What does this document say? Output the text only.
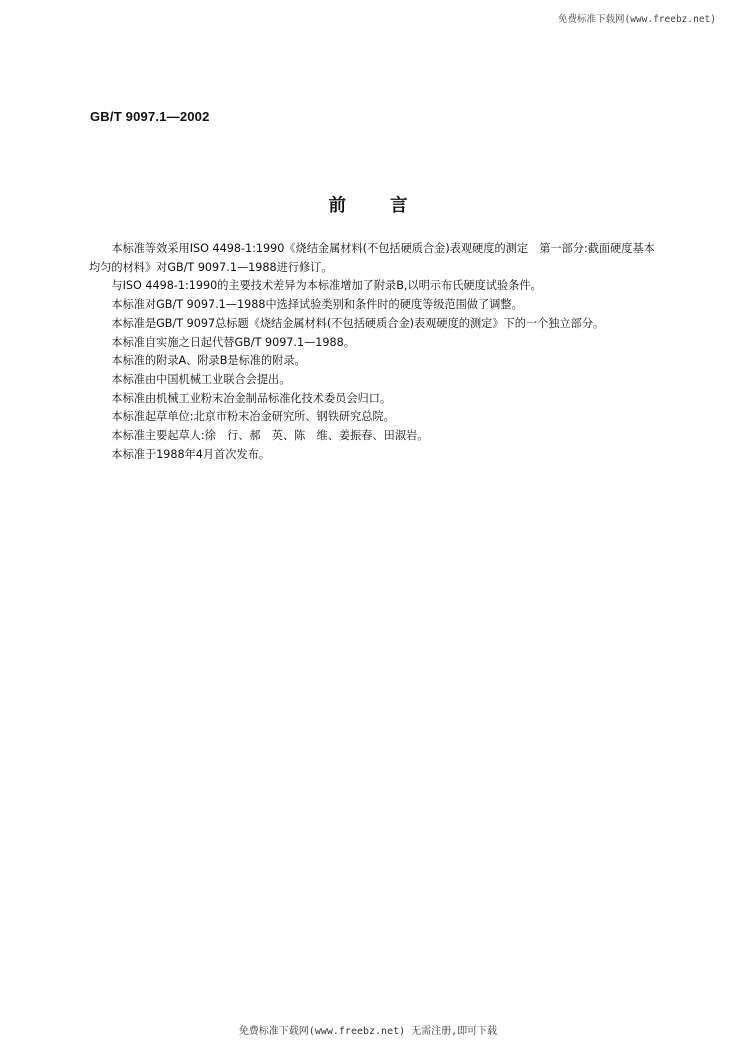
免费标准下载网(www.freebz.net)
GB/T 9097.1—2002
前言

本标准等效采用ISO 4498-1:1990《烧结金属材料(不包括硬质合金)表观硬度的测定　第一部分:截面硬度基本均匀的材料》对GB/T 9097.1—1988进行修订。

与ISO 4498-1:1990的主要技术差异为本标准增加了附录B,以明示布氏硬度试验条件。

本标准对GB/T 9097.1—1988中选择试验类别和条件时的硬度等级范围做了调整。

本标准是GB/T 9097总标题《烧结金属材料(不包括硬质合金)表观硬度的测定》下的一个独立部分。

本标准自实施之日起代替GB/T 9097.1—1988。

本标准的附录A、附录B是标准的附录。

本标准由中国机械工业联合会提出。

本标准由机械工业粉末冶金制品标准化技术委员会归口。

本标准起草单位:北京市粉末冶金研究所、钢铁研究总院。

本标准主要起草人:徐　行、郝　英、陈　维、姜振春、田淑岩。

本标准于1988年4月首次发布。

免费标准下载网(www.freebz.net) 无需注册,即可下载
